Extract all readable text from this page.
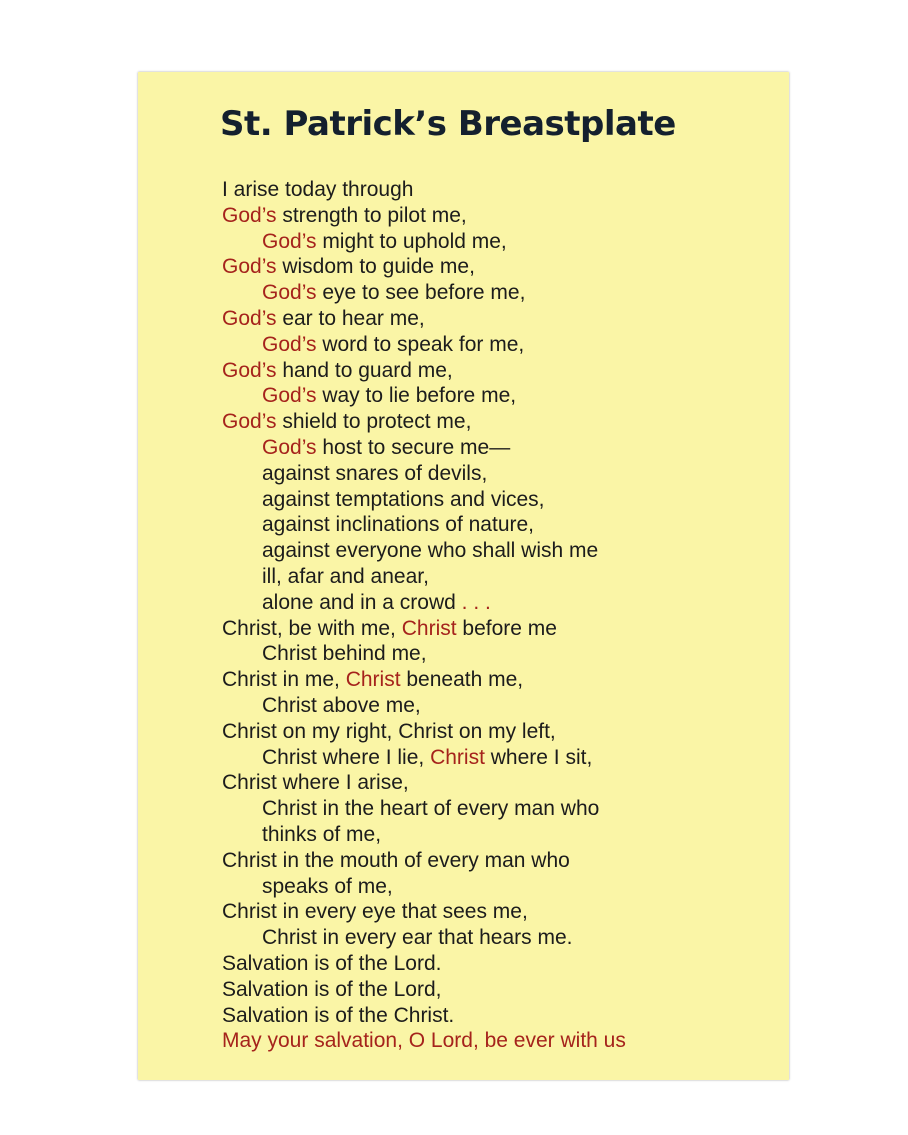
St. Patrick’s Breastplate
I arise today through
God’s strength to pilot me,
God’s might to uphold me,
God’s wisdom to guide me,
God’s eye to see before me,
God’s ear to hear me,
God’s word to speak for me,
God’s hand to guard me,
God’s way to lie before me,
God’s shield to protect me,
God’s host to secure me—
against snares of devils,
against temptations and vices,
against inclinations of nature,
against everyone who shall wish me
ill, afar and anear,
alone and in a crowd . . .
Christ, be with me, Christ before me
Christ behind me,
Christ in me, Christ beneath me,
Christ above me,
Christ on my right, Christ on my left,
Christ where I lie, Christ where I sit,
Christ where I arise,
Christ in the heart of every man who
thinks of me,
Christ in the mouth of every man who
speaks of me,
Christ in every eye that sees me,
Christ in every ear that hears me.
Salvation is of the Lord.
Salvation is of the Lord,
Salvation is of the Christ.
May your salvation, O Lord, be ever with us
